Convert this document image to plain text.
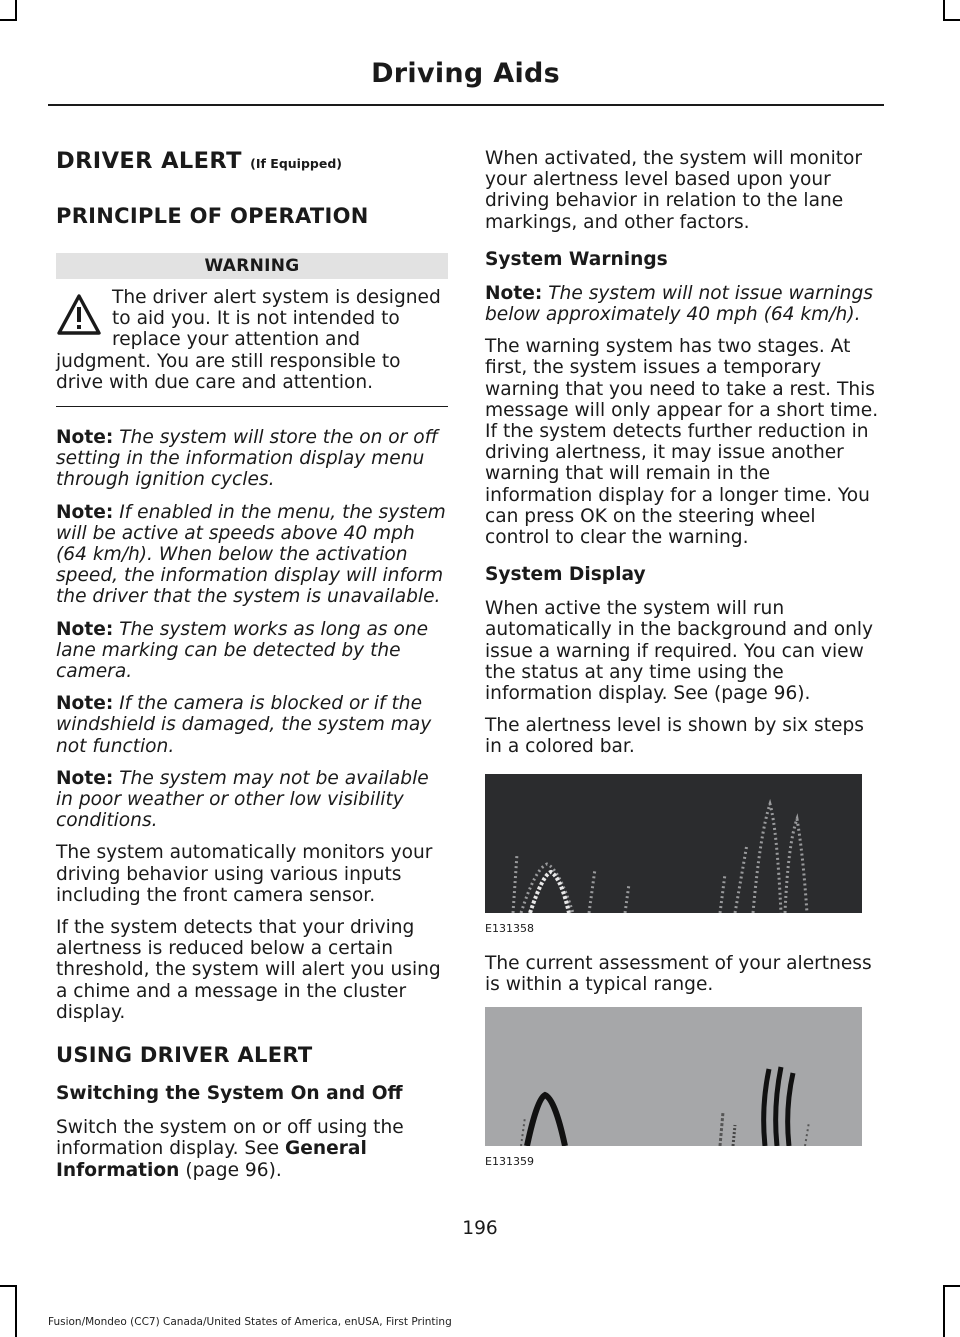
Driving Aids
DRIVER ALERT (If Equipped)
PRINCIPLE OF OPERATION
WARNING
The driver alert system is designed to aid you. It is not intended to replace your attention and judgment. You are still responsible to drive with due care and attention.

Note: The system will store the on or off setting in the information display menu through ignition cycles.

Note: If enabled in the menu, the system will be active at speeds above 40 mph (64 km/h). When below the activation speed, the information display will inform the driver that the system is unavailable.

Note: The system works as long as one lane marking can be detected by the camera.

Note: If the camera is blocked or if the windshield is damaged, the system may not function.

Note: The system may not be available in poor weather or other low visibility conditions.

The system automatically monitors your driving behavior using various inputs including the front camera sensor.

If the system detects that your driving alertness is reduced below a certain threshold, the system will alert you using a chime and a message in the cluster display.

USING DRIVER ALERT
Switching the System On and Off

Switch the system on or off using the information display. See General Information (page 96).

When activated, the system will monitor your alertness level based upon your driving behavior in relation to the lane markings, and other factors.

System Warnings

Note: The system will not issue warnings below approximately 40 mph (64 km/h).

The warning system has two stages. At first, the system issues a temporary warning that you need to take a rest. This message will only appear for a short time. If the system detects further reduction in driving alertness, it may issue another warning that will remain in the information display for a longer time. You can press OK on the steering wheel control to clear the warning.

System Display

When active the system will run automatically in the background and only issue a warning if required. You can view the status at any time using the information display. See (page 96).

The alertness level is shown by six steps in a colored bar.

E131358

The current assessment of your alertness is within a typical range.

E131359
196
Fusion/Mondeo (CC7) Canada/United States of America, enUSA, First Printing
